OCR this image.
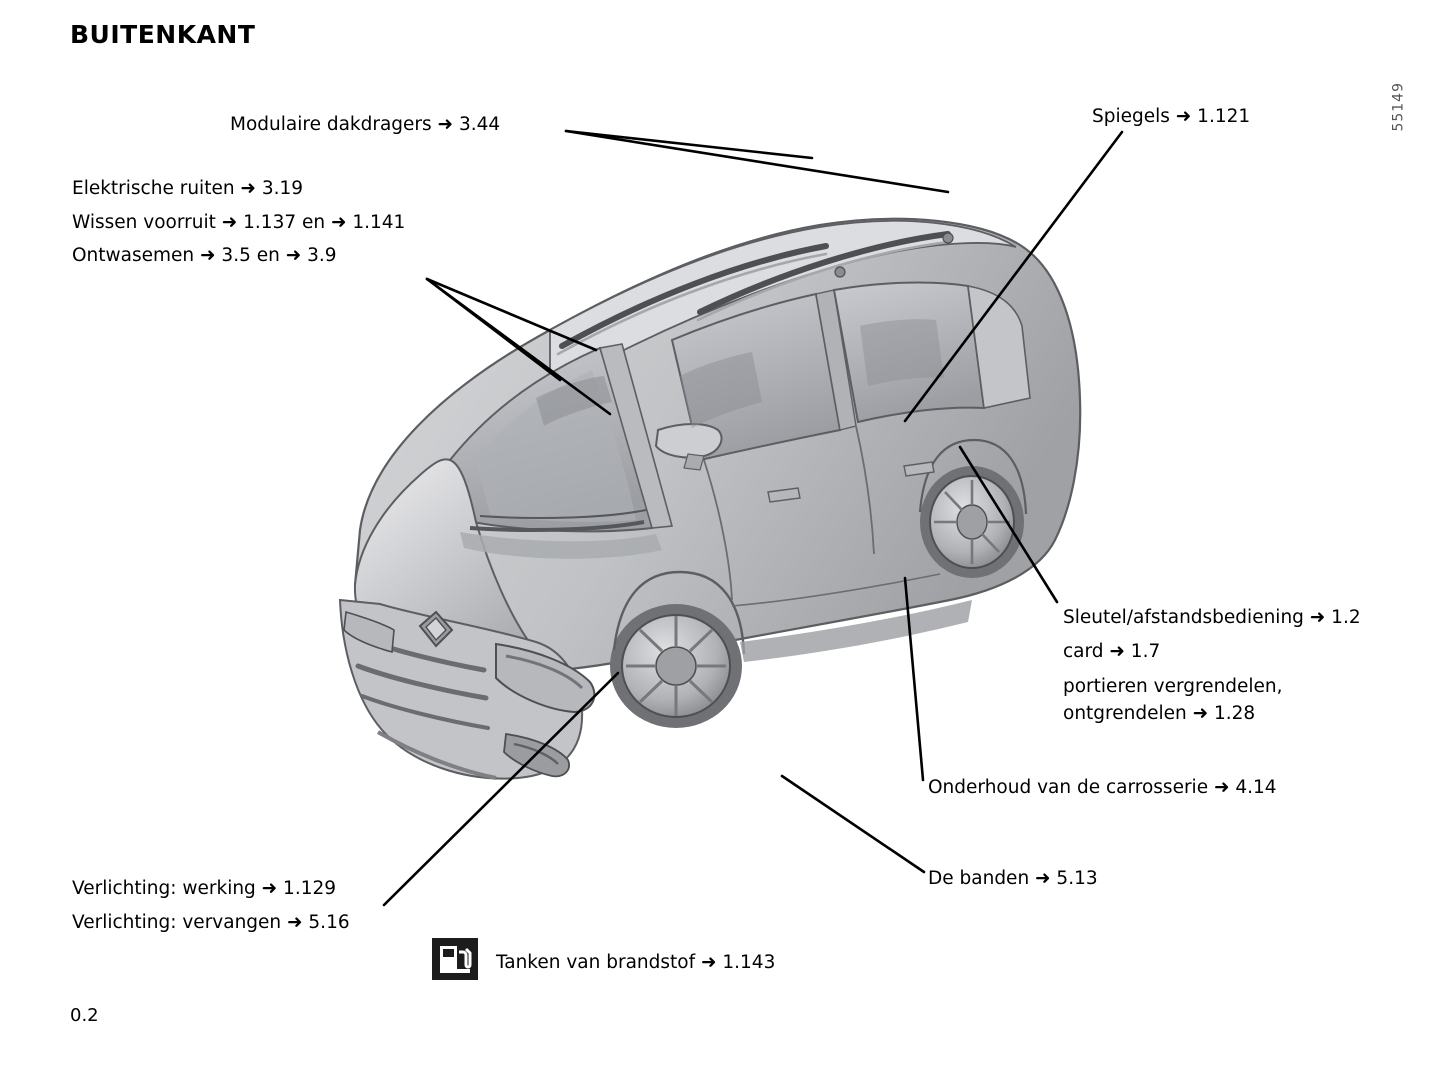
BUITENKANT
55149
0.2
Modulaire dakdragers ➜ 3.44	Spiegels ➜ 1.121
Elektrische ruiten ➜ 3.19
Wissen voorruit ➜ 1.137 en ➜ 1.141
Ontwasemen ➜ 3.5 en ➜ 3.9
Sleutel/afstandsbediening ➜ 1.2
card ➜ 1.7
portieren vergrendelen, ontgrendelen ➜ 1.28
Onderhoud van de carrosserie ➜ 4.14
De banden ➜ 5.13
Verlichting: werking ➜ 1.129
Verlichting: vervangen ➜ 5.16
Tanken van brandstof ➜ 1.143
